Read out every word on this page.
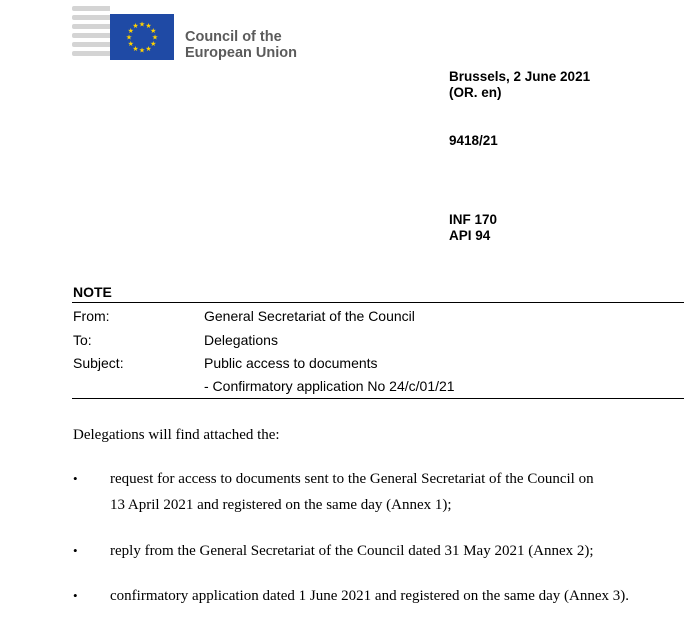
★ ★
★
★
★
★
★
★
★
★
★
★
Council of the
European Union
Brussels, 2 June 2021
(OR. en)
9418/21
INF 170
API 94
NOTE
From:	General Secretariat of the Council
To:	Delegations
Subject:	Public access to documents
- Confirmatory application No 24/c/01/21
Delegations will find attached the:
• request for access to documents sent to the General Secretariat of the Council on
13 April 2021 and registered on the same day (Annex 1);
• reply from the General Secretariat of the Council dated 31 May 2021 (Annex 2);
• confirmatory application dated 1 June 2021 and registered on the same day (Annex 3).
